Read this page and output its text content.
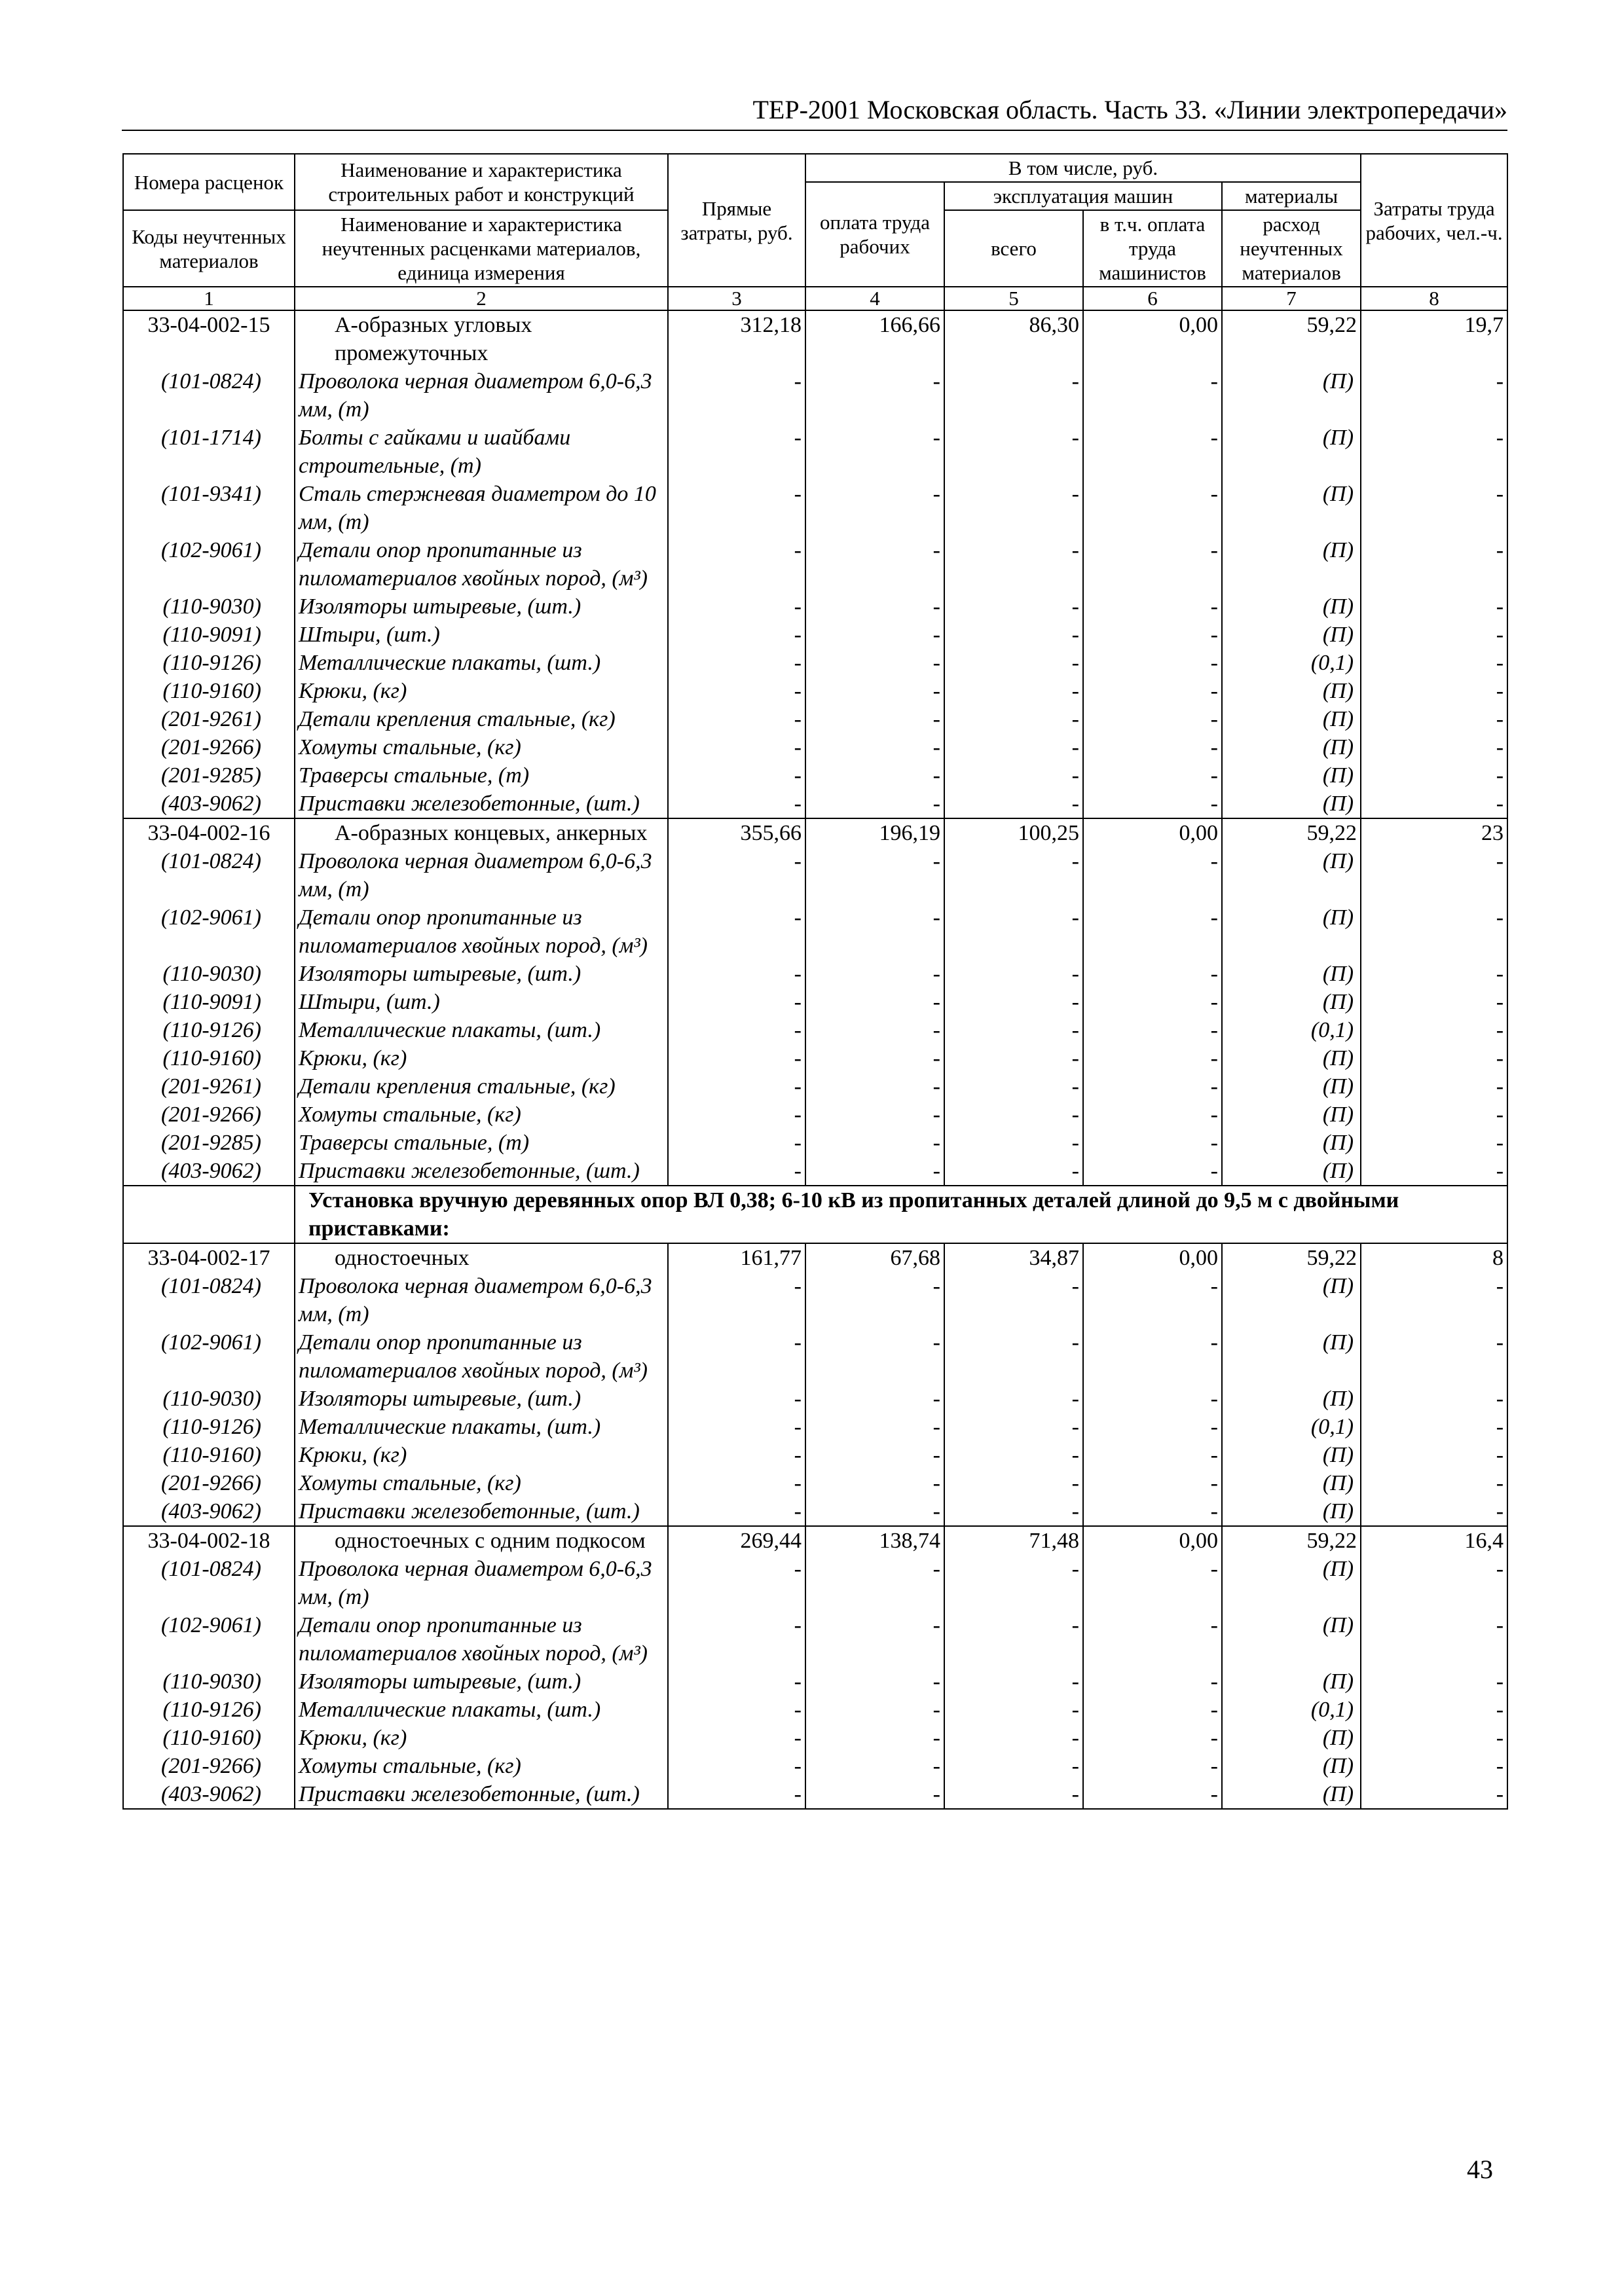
ТЕР-2001 Московская область. Часть 33. «Линии электропередачи»
Номера расценок	Наименование и характеристика строительных работ и конструкций	Прямые затраты, руб.	В том числе, руб.				Затраты труда рабочих, чел.-ч.
			оплата труда рабочих	эксплуатация машин		материалы	
Коды неучтенных материалов	Наименование и характеристика неучтенных расценками материалов, единица измерения			всего	в т.ч. оплата труда машинистов	расход неучтенных материалов	
1	2	3	4	5	6	7	8
33-04-002-15	А-образных угловых промежуточных	312,18	166,66	86,30	0,00	59,22	19,7
(101-0824)	Проволока черная диаметром 6,0-6,3 мм, (т)	-	-	-	-	(П)	-
(101-1714)	Болты с гайками и шайбами строительные, (т)	-	-	-	-	(П)	-
(101-9341)	Сталь стержневая диаметром до 10 мм, (т)	-	-	-	-	(П)	-
(102-9061)	Детали опор пропитанные из пиломатериалов хвойных пород, (м³)	-	-	-	-	(П)	-
(110-9030)	Изоляторы штыревые, (шт.)	-	-	-	-	(П)	-
(110-9091)	Штыри, (шт.)	-	-	-	-	(П)	-
(110-9126)	Металлические плакаты, (шт.)	-	-	-	-	(0,1)	-
(110-9160)	Крюки, (кг)	-	-	-	-	(П)	-
(201-9261)	Детали крепления стальные, (кг)	-	-	-	-	(П)	-
(201-9266)	Хомуты стальные, (кг)	-	-	-	-	(П)	-
(201-9285)	Траверсы стальные, (т)	-	-	-	-	(П)	-
(403-9062)	Приставки железобетонные, (шт.)	-	-	-	-	(П)	-
33-04-002-16	А-образных концевых, анкерных	355,66	196,19	100,25	0,00	59,22	23
(101-0824)	Проволока черная диаметром 6,0-6,3 мм, (т)	-	-	-	-	(П)	-
(102-9061)	Детали опор пропитанные из пиломатериалов хвойных пород, (м³)	-	-	-	-	(П)	-
(110-9030)	Изоляторы штыревые, (шт.)	-	-	-	-	(П)	-
(110-9091)	Штыри, (шт.)	-	-	-	-	(П)	-
(110-9126)	Металлические плакаты, (шт.)	-	-	-	-	(0,1)	-
(110-9160)	Крюки, (кг)	-	-	-	-	(П)	-
(201-9261)	Детали крепления стальные, (кг)	-	-	-	-	(П)	-
(201-9266)	Хомуты стальные, (кг)	-	-	-	-	(П)	-
(201-9285)	Траверсы стальные, (т)	-	-	-	-	(П)	-
(403-9062)	Приставки железобетонные, (шт.)	-	-	-	-	(П)	-
	Установка вручную деревянных опор ВЛ 0,38; 6-10 кВ из пропитанных деталей длиной до 9,5 м с двойными приставками:						
33-04-002-17	одностоечных	161,77	67,68	34,87	0,00	59,22	8
(101-0824)	Проволока черная диаметром 6,0-6,3 мм, (т)	-	-	-	-	(П)	-
(102-9061)	Детали опор пропитанные из пиломатериалов хвойных пород, (м³)	-	-	-	-	(П)	-
(110-9030)	Изоляторы штыревые, (шт.)	-	-	-	-	(П)	-
(110-9126)	Металлические плакаты, (шт.)	-	-	-	-	(0,1)	-
(110-9160)	Крюки, (кг)	-	-	-	-	(П)	-
(201-9266)	Хомуты стальные, (кг)	-	-	-	-	(П)	-
(403-9062)	Приставки железобетонные, (шт.)	-	-	-	-	(П)	-
33-04-002-18	одностоечных с одним подкосом	269,44	138,74	71,48	0,00	59,22	16,4
(101-0824)	Проволока черная диаметром 6,0-6,3 мм, (т)	-	-	-	-	(П)	-
(102-9061)	Детали опор пропитанные из пиломатериалов хвойных пород, (м³)	-	-	-	-	(П)	-
(110-9030)	Изоляторы штыревые, (шт.)	-	-	-	-	(П)	-
(110-9126)	Металлические плакаты, (шт.)	-	-	-	-	(0,1)	-
(110-9160)	Крюки, (кг)	-	-	-	-	(П)	-
(201-9266)	Хомуты стальные, (кг)	-	-	-	-	(П)	-
(403-9062)	Приставки железобетонные, (шт.)	-	-	-	-	(П)	-
43
